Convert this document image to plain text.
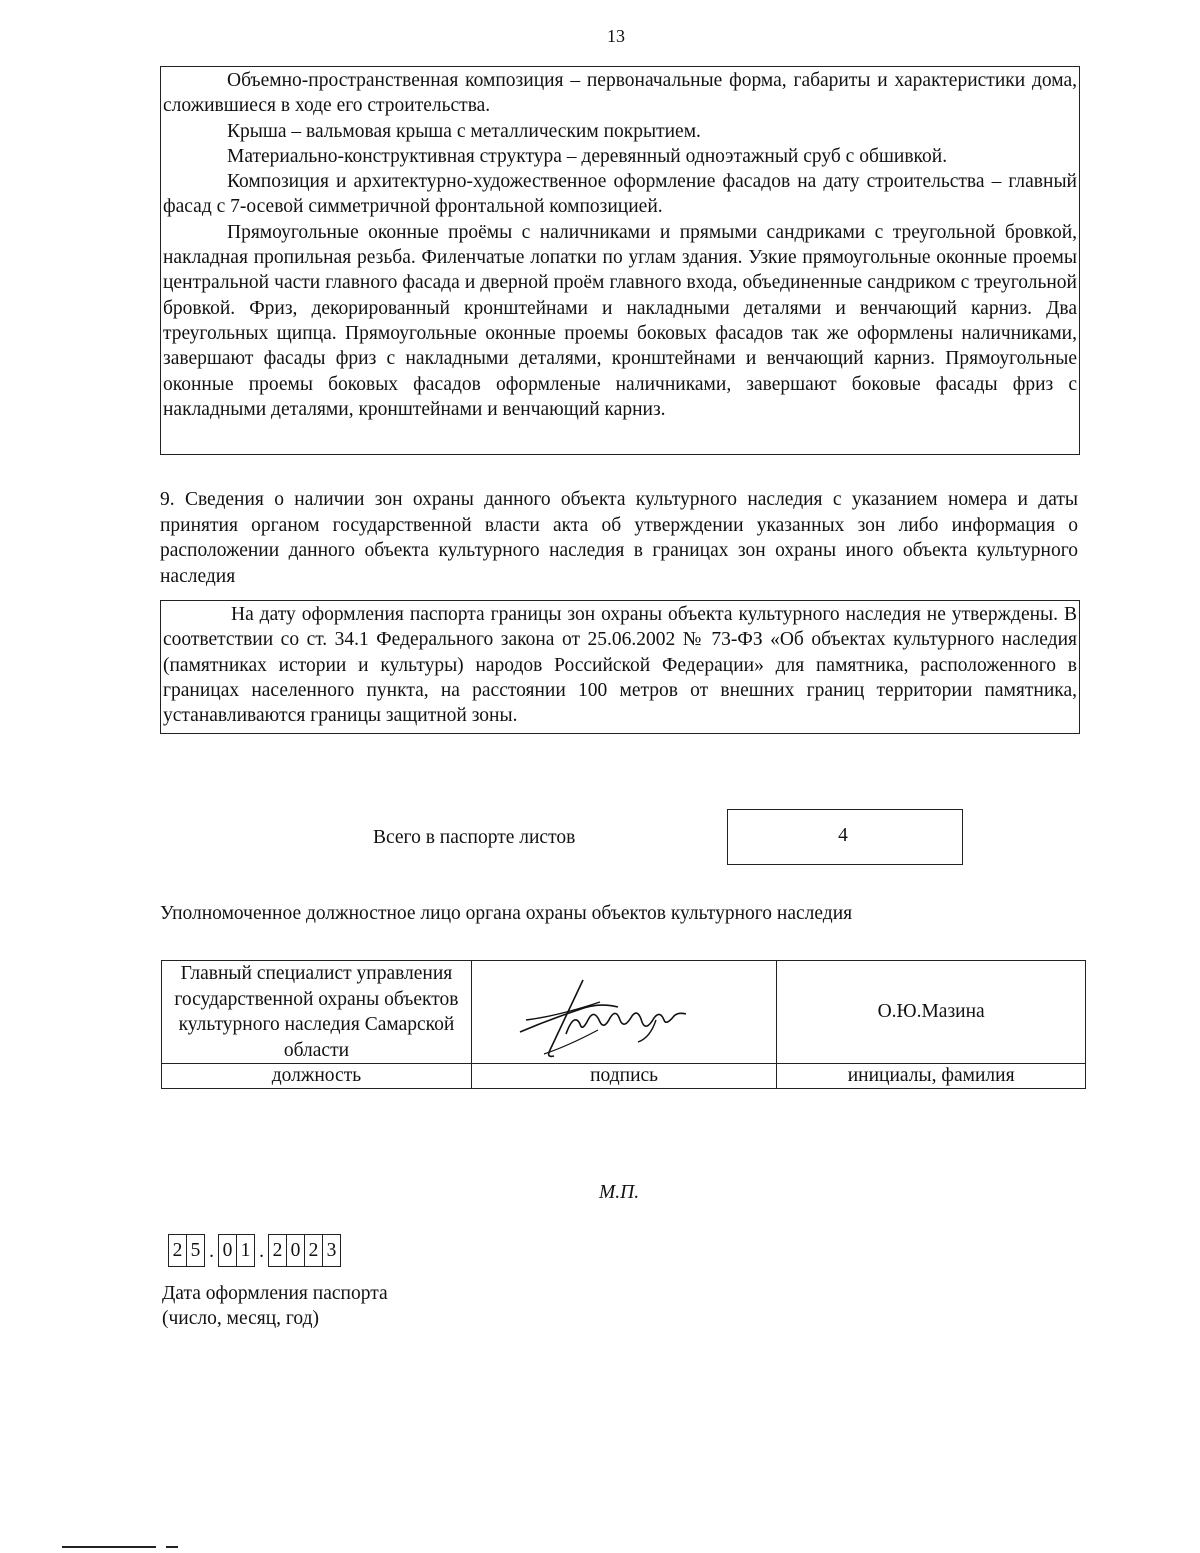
13

Объемно-пространственная композиция – первоначальные форма, габариты и характеристики дома, сложившиеся в ходе его строительства.

Крыша – вальмовая крыша с металлическим покрытием.

Материально-конструктивная структура – деревянный одноэтажный сруб с обшивкой.

Композиция и архитектурно-художественное оформление фасадов на дату строительства – главный фасад с 7-осевой симметричной фронтальной композицией.

Прямоугольные оконные проёмы с наличниками и прямыми сандриками с треугольной бровкой, накладная пропильная резьба. Филенчатые лопатки по углам здания. Узкие прямоугольные оконные проемы центральной части главного фасада и дверной проём главного входа, объединенные сандриком с треугольной бровкой. Фриз, декорированный кронштейнами и накладными деталями и венчающий карниз. Два треугольных щипца. Прямоугольные оконные проемы боковых фасадов так же оформлены наличниками, завершают фасады фриз с накладными деталями, кронштейнами и венчающий карниз. Прямоугольные оконные проемы боковых фасадов оформленые наличниками, завершают боковые фасады фриз с накладными деталями, кронштейнами и венчающий карниз.

9. Сведения о наличии зон охраны данного объекта культурного наследия с указанием номера и даты принятия органом государственной власти акта об утверждении указанных зон либо информация о расположении данного объекта культурного наследия в границах зон охраны иного объекта культурного наследия

На дату оформления паспорта границы зон охраны объекта культурного наследия не утверждены. В соответствии со ст. 34.1 Федерального закона от 25.06.2002 № 73-ФЗ «Об объектах культурного наследия (памятниках истории и культуры) народов Российской Федерации» для памятника, расположенного в границах населенного пункта, на расстоянии 100 метров от внешних границ территории памятника, устанавливаются границы защитной зоны.

Всего в паспорте листов	4
Уполномоченное должностное лицо органа охраны объектов культурного наследия
Главный специалист управления государственной охраны объектов культурного наследия Самарской области		О.Ю.Мазина
должность	подпись	инициалы, фамилия
М.П.
2 5 . 0 1 . 2 0 2 3
Дата оформления паспорта
(число, месяц, год)
